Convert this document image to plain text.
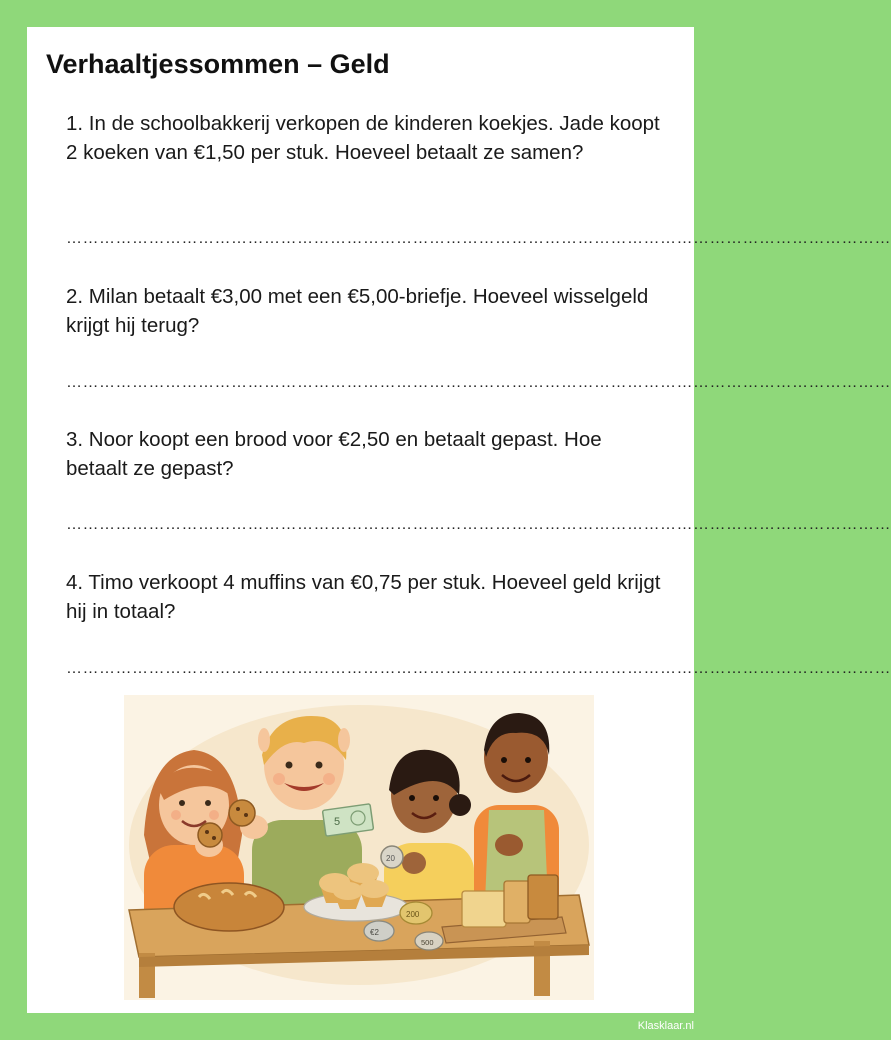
Verhaaltjessommen – Geld

1. In de schoolbakkerij verkopen de kinderen koekjes. Jade koopt 2 koeken van €1,50 per stuk. Hoeveel betaalt ze samen?

……………………………………………………………………………………………………………………………………

2. Milan betaalt €3,00 met een €5,00-briefje. Hoeveel wisselgeld krijgt hij terug?

……………………………………………………………………………………………………………………………………

3. Noor koopt een brood voor €2,50 en betaalt gepast. Hoe betaalt ze gepast?

……………………………………………………………………………………………………………………………………

4. Timo verkoopt 4 muffins van €0,75 per stuk. Hoeveel geld krijgt hij in totaal?

……………………………………………………………………………………………………………………………………
5
20
200
€2
500
Klasklaar.nl
